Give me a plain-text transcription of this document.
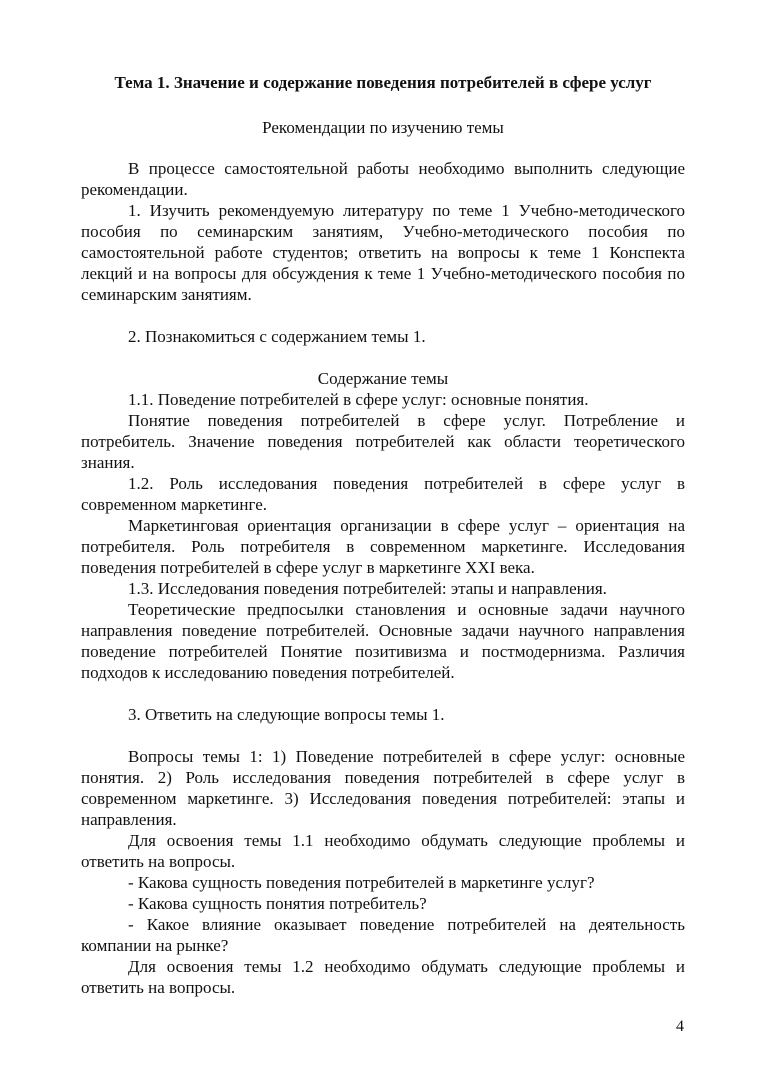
Тема 1. Значение и содержание поведения потребителей в сфере услуг

Рекомендации по изучению темы

В процессе самостоятельной работы необходимо выполнить следующие рекомендации.

1. Изучить рекомендуемую литературу по теме 1 Учебно-методического пособия по семинарским занятиям, Учебно-методического пособия по самостоятельной работе студентов; ответить на вопросы к теме 1 Конспекта лекций и на вопросы для обсуждения к теме 1 Учебно-методического пособия по семинарским занятиям.

2. Познакомиться с содержанием темы 1.

Содержание темы

1.1. Поведение потребителей в сфере услуг: основные понятия.

Понятие поведения потребителей в сфере услуг. Потребление и потребитель. Значение поведения потребителей как области теоретического знания.

1.2. Роль исследования поведения потребителей в сфере услуг в современном маркетинге.

Маркетинговая ориентация организации в сфере услуг – ориентация на потребителя. Роль потребителя в современном маркетинге. Исследования поведения потребителей в сфере услуг в маркетинге XXI века.

1.3. Исследования поведения потребителей: этапы и направления.

Теоретические предпосылки становления и основные задачи научного направления поведение потребителей. Основные задачи научного направления поведение потребителей Понятие позитивизма и постмодернизма. Различия подходов к исследованию поведения потребителей.

3. Ответить на следующие вопросы темы 1.

Вопросы темы 1: 1) Поведение потребителей в сфере услуг: основные понятия. 2) Роль исследования поведения потребителей в сфере услуг в современном маркетинге. 3) Исследования поведения потребителей: этапы и направления.

Для освоения темы 1.1 необходимо обдумать следующие проблемы и ответить на вопросы.

- Какова сущность поведения потребителей в маркетинге услуг?

- Какова сущность понятия потребитель?

- Какое влияние оказывает поведение потребителей на деятельность компании на рынке?

Для освоения темы 1.2 необходимо обдумать следующие проблемы и ответить на вопросы.

4
